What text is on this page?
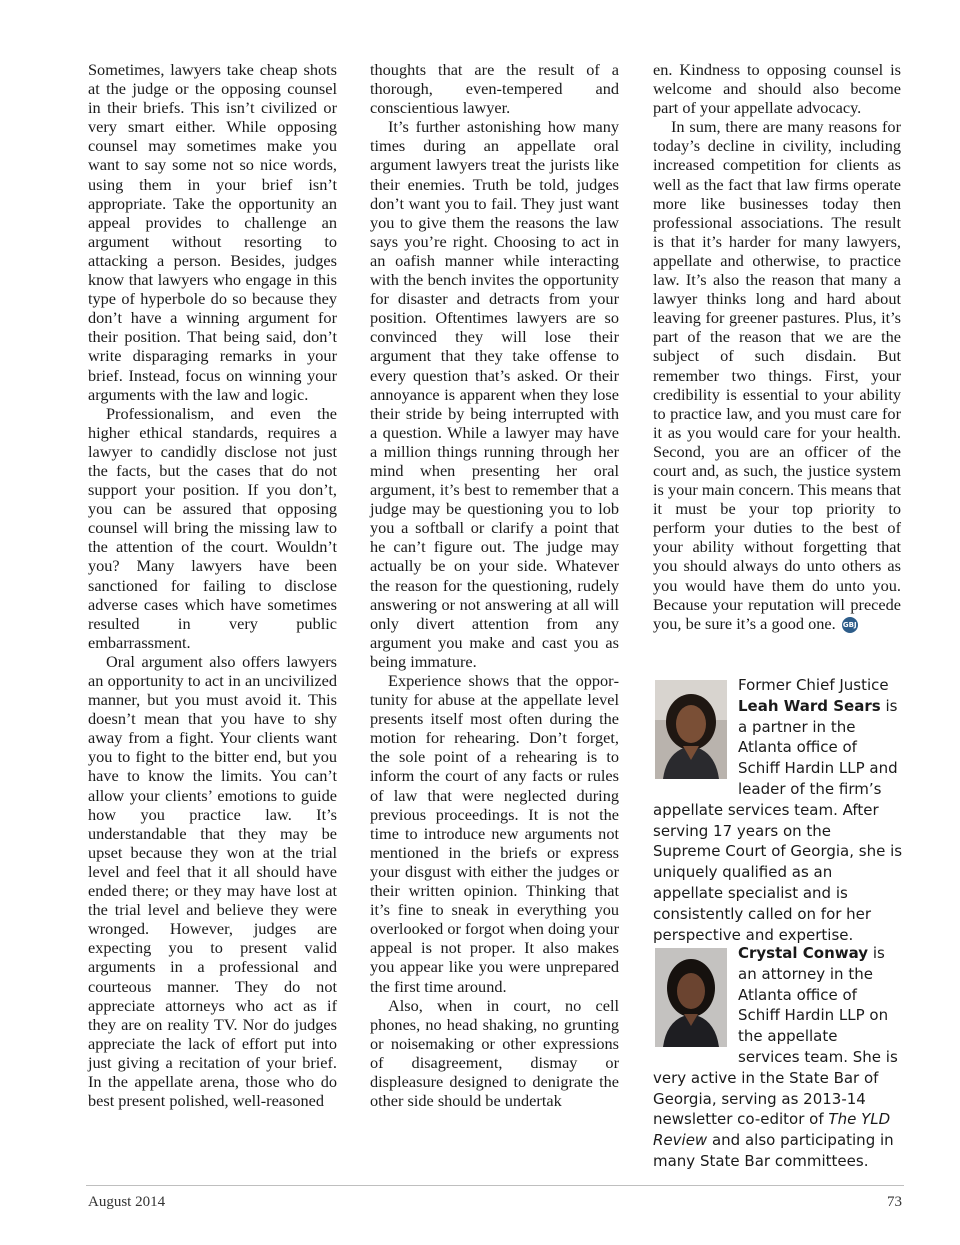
Sometimes, lawyers take cheap shots at the judge or the opposing counsel in their briefs. This isn’t civilized or very smart either. While opposing counsel may sometimes make you want to say some not so nice words, using them in your brief isn’t appropriate. Take the opportunity an appeal provides to challenge an argument without resorting to attacking a person. Besides, judges know that lawyers who engage in this type of hyperbole do so because they don’t have a winning argument for their position. That being said, don’t write disparaging remarks in your brief. Instead, focus on winning your arguments with the law and logic.

Professionalism, and even the higher ethical standards, requires a lawyer to candidly disclose not just the facts, but the cases that do not support your position. If you don’t, you can be assured that opposing counsel will bring the missing law to the attention of the court. Wouldn’t you? Many lawyers have been sanctioned for failing to disclose adverse cases which have sometimes resulted in very public embarrassment.

Oral argument also offers lawyers an opportunity to act in an uncivilized manner, but you must avoid it. This doesn’t mean that you have to shy away from a fight. Your clients want you to fight to the bitter end, but you have to know the limits. You can’t allow your clients’ emotions to guide how you practice law. It’s understandable that they may be upset because they won at the trial level and feel that it all should have ended there; or they may have lost at the trial level and believe they were wronged. However, judges are expecting you to present valid arguments in a professional and courteous manner. They do not appreciate attorneys who act as if they are on reality TV. Nor do judges appreciate the lack of effort put into just giving a recitation of your brief. In the appellate arena, those who do best present polished, well-reasoned

thoughts that are the result of a thorough, even-tempered and conscientious lawyer.

It’s further astonishing how many times during an appellate oral argument lawyers treat the jurists like their enemies. Truth be told, judges don’t want you to fail. They just want you to give them the reasons the law says you’re right. Choosing to act in an oafish manner while interacting with the bench invites the opportunity for disaster and detracts from your position. Oftentimes lawyers are so convinced they will lose their argument that they take offense to every question that’s asked. Or their annoyance is apparent when they lose their stride by being interrupted with a question. While a lawyer may have a million things running through her mind when presenting her oral argument, it’s best to remember that a judge may be questioning you to lob you a softball or clarify a point that he can’t figure out. The judge may actually be on your side. Whatever the reason for the questioning, rudely answering or not answering at all will only divert attention from any argument you make and cast you as being immature.

Experience shows that the opportunity for abuse at the appellate level presents itself most often during the motion for rehearing. Don’t forget, the sole point of a rehearing is to inform the court of any facts or rules of law that were neglected during previous proceedings. It is not the time to introduce new arguments not mentioned in the briefs or express your disgust with either the judges or their written opinion. Thinking that it’s fine to sneak in everything you overlooked or forgot when doing your appeal is not proper. It also makes you appear like you were unprepared the first time around.

Also, when in court, no cell phones, no head shaking, no grunting or noisemaking or other expressions of disagreement, dismay or displeasure designed to denigrate the other side should be undertak

en. Kindness to opposing counsel is welcome and should also become part of your appellate advocacy.

In sum, there are many reasons for today’s decline in civility, including increased competition for clients as well as the fact that law firms operate more like businesses today then professional associations. The result is that it’s harder for many lawyers, appellate and otherwise, to practice law. It’s also the reason that many a lawyer thinks long and hard about leaving for greener pastures. Plus, it’s part of the reason that we are the subject of such disdain. But remember two things. First, your credibility is essential to your ability to practice law, and you must care for it as you would care for your health. Second, you are an officer of the court and, as such, the justice system is your main concern. This means that it must be your top priority to perform your duties to the best of your ability without forgetting that you should always do unto others as you would have them do unto you. Because your reputation will precede you, be sure it’s a good one. GBJ

Former Chief Justice Leah Ward Sears is a partner in the Atlanta office of Schiff Hardin LLP and leader of the firm’s appellate services team. After serving 17 years on the Supreme Court of Georgia, she is uniquely qualified as an appellate specialist and is consistently called on for her perspective and expertise.
Crystal Conway is an attorney in the Atlanta office of Schiff Hardin LLP on the appellate services team. She is very active in the State Bar of Georgia, serving as 2013-14 newsletter co-editor of The YLD Review and also participating in many State Bar committees.
August 2014	73
